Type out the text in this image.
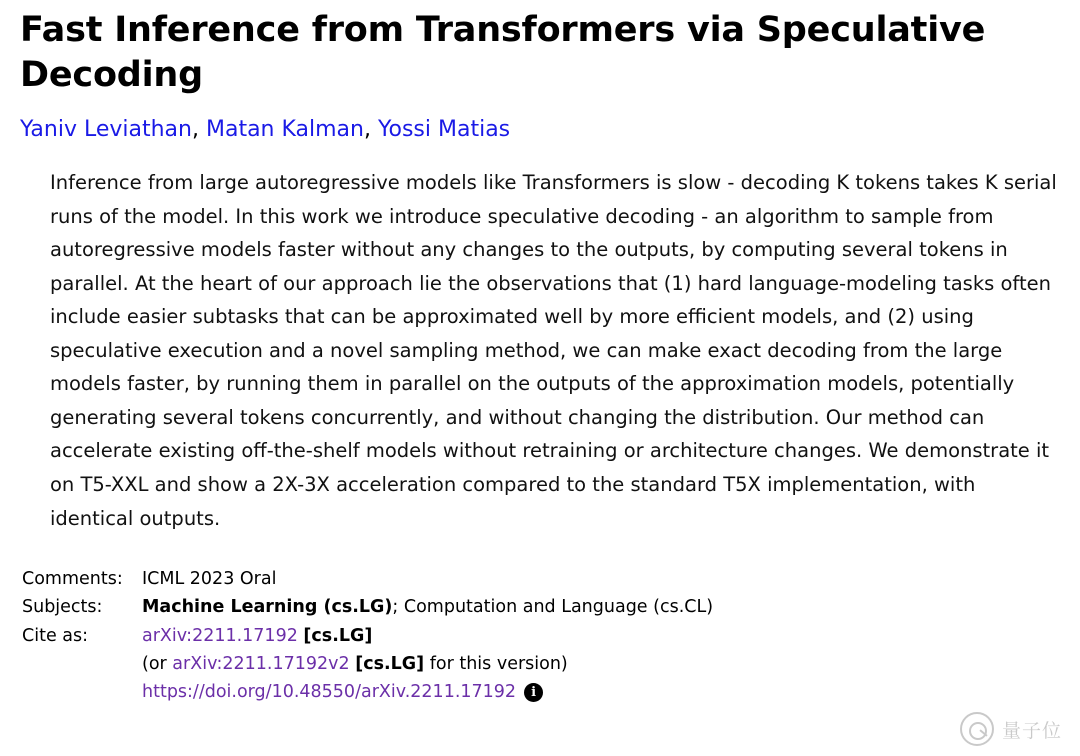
Fast Inference from Transformers via Speculative Decoding
Yaniv Leviathan, Matan Kalman, Yossi Matias

Inference from large autoregressive models like Transformers is slow - decoding K tokens takes K serial runs of the model. In this work we introduce speculative decoding - an algorithm to sample from autoregressive models faster without any changes to the outputs, by computing several tokens in parallel. At the heart of our approach lie the observations that (1) hard language-modeling tasks often include easier subtasks that can be approximated well by more efficient models, and (2) using speculative execution and a novel sampling method, we can make exact decoding from the large models faster, by running them in parallel on the outputs of the approximation models, potentially generating several tokens concurrently, and without changing the distribution. Our method can accelerate existing off-the-shelf models without retraining or architecture changes. We demonstrate it on T5-XXL and show a 2X-3X acceleration compared to the standard T5X implementation, with identical outputs.

Comments:	ICML 2023 Oral
Subjects:	Machine Learning (cs.LG); Computation and Language (cs.CL)
Cite as:	arXiv:2211.17192 [cs.LG]
(or arXiv:2211.17192v2 [cs.LG] for this version)
https://doi.org/10.48550/arXiv.2211.17192	i
量子位
